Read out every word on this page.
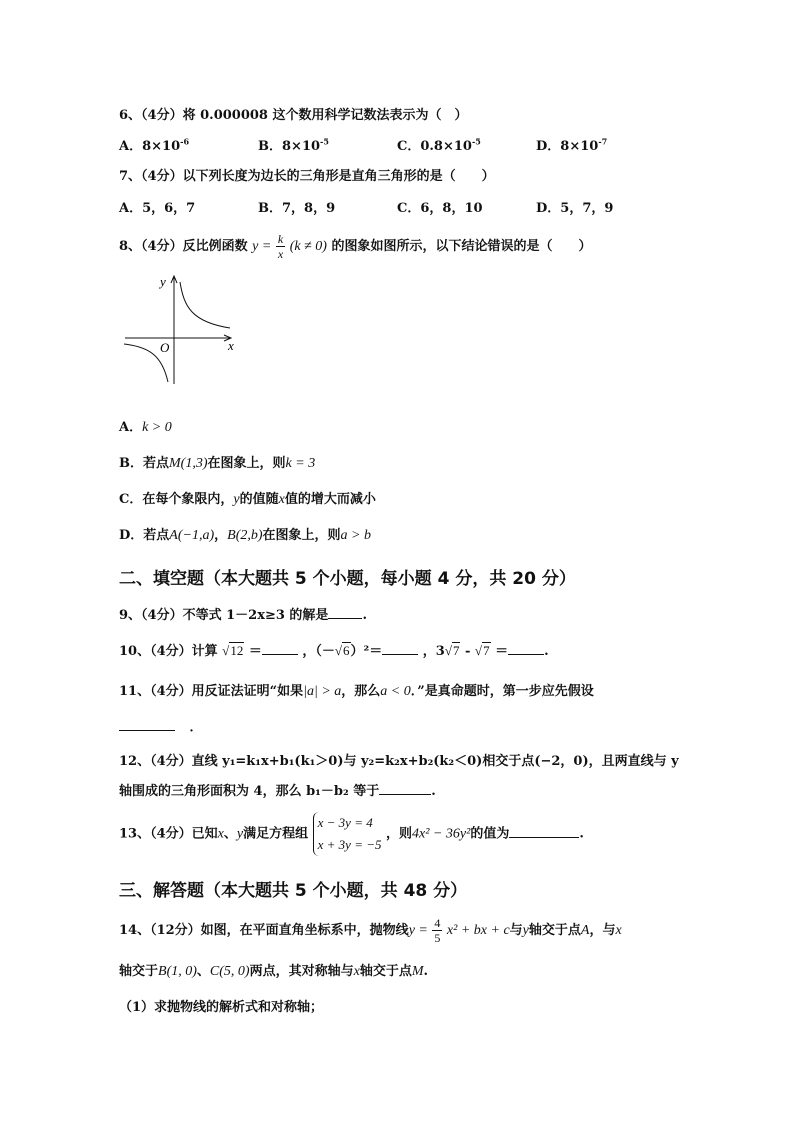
6、（4分）将 0.000008 这个数用科学记数法表示为（　）
A．$8\times 10^{-6}$	B．$8\times 10^{-5}$	C．$0.8\times 10^{-5}$	D．$8\times 10^{-7}$
7、（4分）以下列长度为边长的三角形是直角三角形的是（　　）
A．5，6，7	B．7，8，9	C．6，8，10	D．5，7，9
8、（4分）反比例函数 $y = \frac{k}{x} (k \ne 0)$ 的图象如图所示，以下结论错误的是（　　）
y
x
O
A．k > 0
B．若点M(1,3)在图象上，则k = 3
C．在每个象限内，y的值随x值的增大而减小
D．若点A(−1,a)，B(2,b)在图象上，则a > b
二、填空题（本大题共 5 个小题，每小题 4 分，共 20 分）
9、（4分）不等式 1－2x≥3 的解是	.
10、（4分）计算 √12 ＝	，（－√6）²＝	，3√7 - √7 ＝	.
11、（4分）用反证法证明“如果|a| > a，那么a < 0．”是真命题时，第一步应先假设
．
12、（4分）直线 y₁=k₁x+b₁(k₁＞0)与 y₂=k₂x+b₂(k₂＜0)相交于点(−2，0)，且两直线与 y
轴围成的三角形面积为 4，那么 b₁－b₂ 等于	.
13、（4分）已知x、y满足方程组
x − 3y = 4
x + 3y = −5
，则4x² − 36y²的值为	.
三、解答题（本大题共 5 个小题，共 48 分）
14、（12分）如图，在平面直角坐标系中，抛物线$y = \frac{4}{5} x^2$ + bx + c与y轴交于点A，与x
轴交于B(1, 0)、C(5, 0)两点，其对称轴与x轴交于点M.
（1）求抛物线的解析式和对称轴；
